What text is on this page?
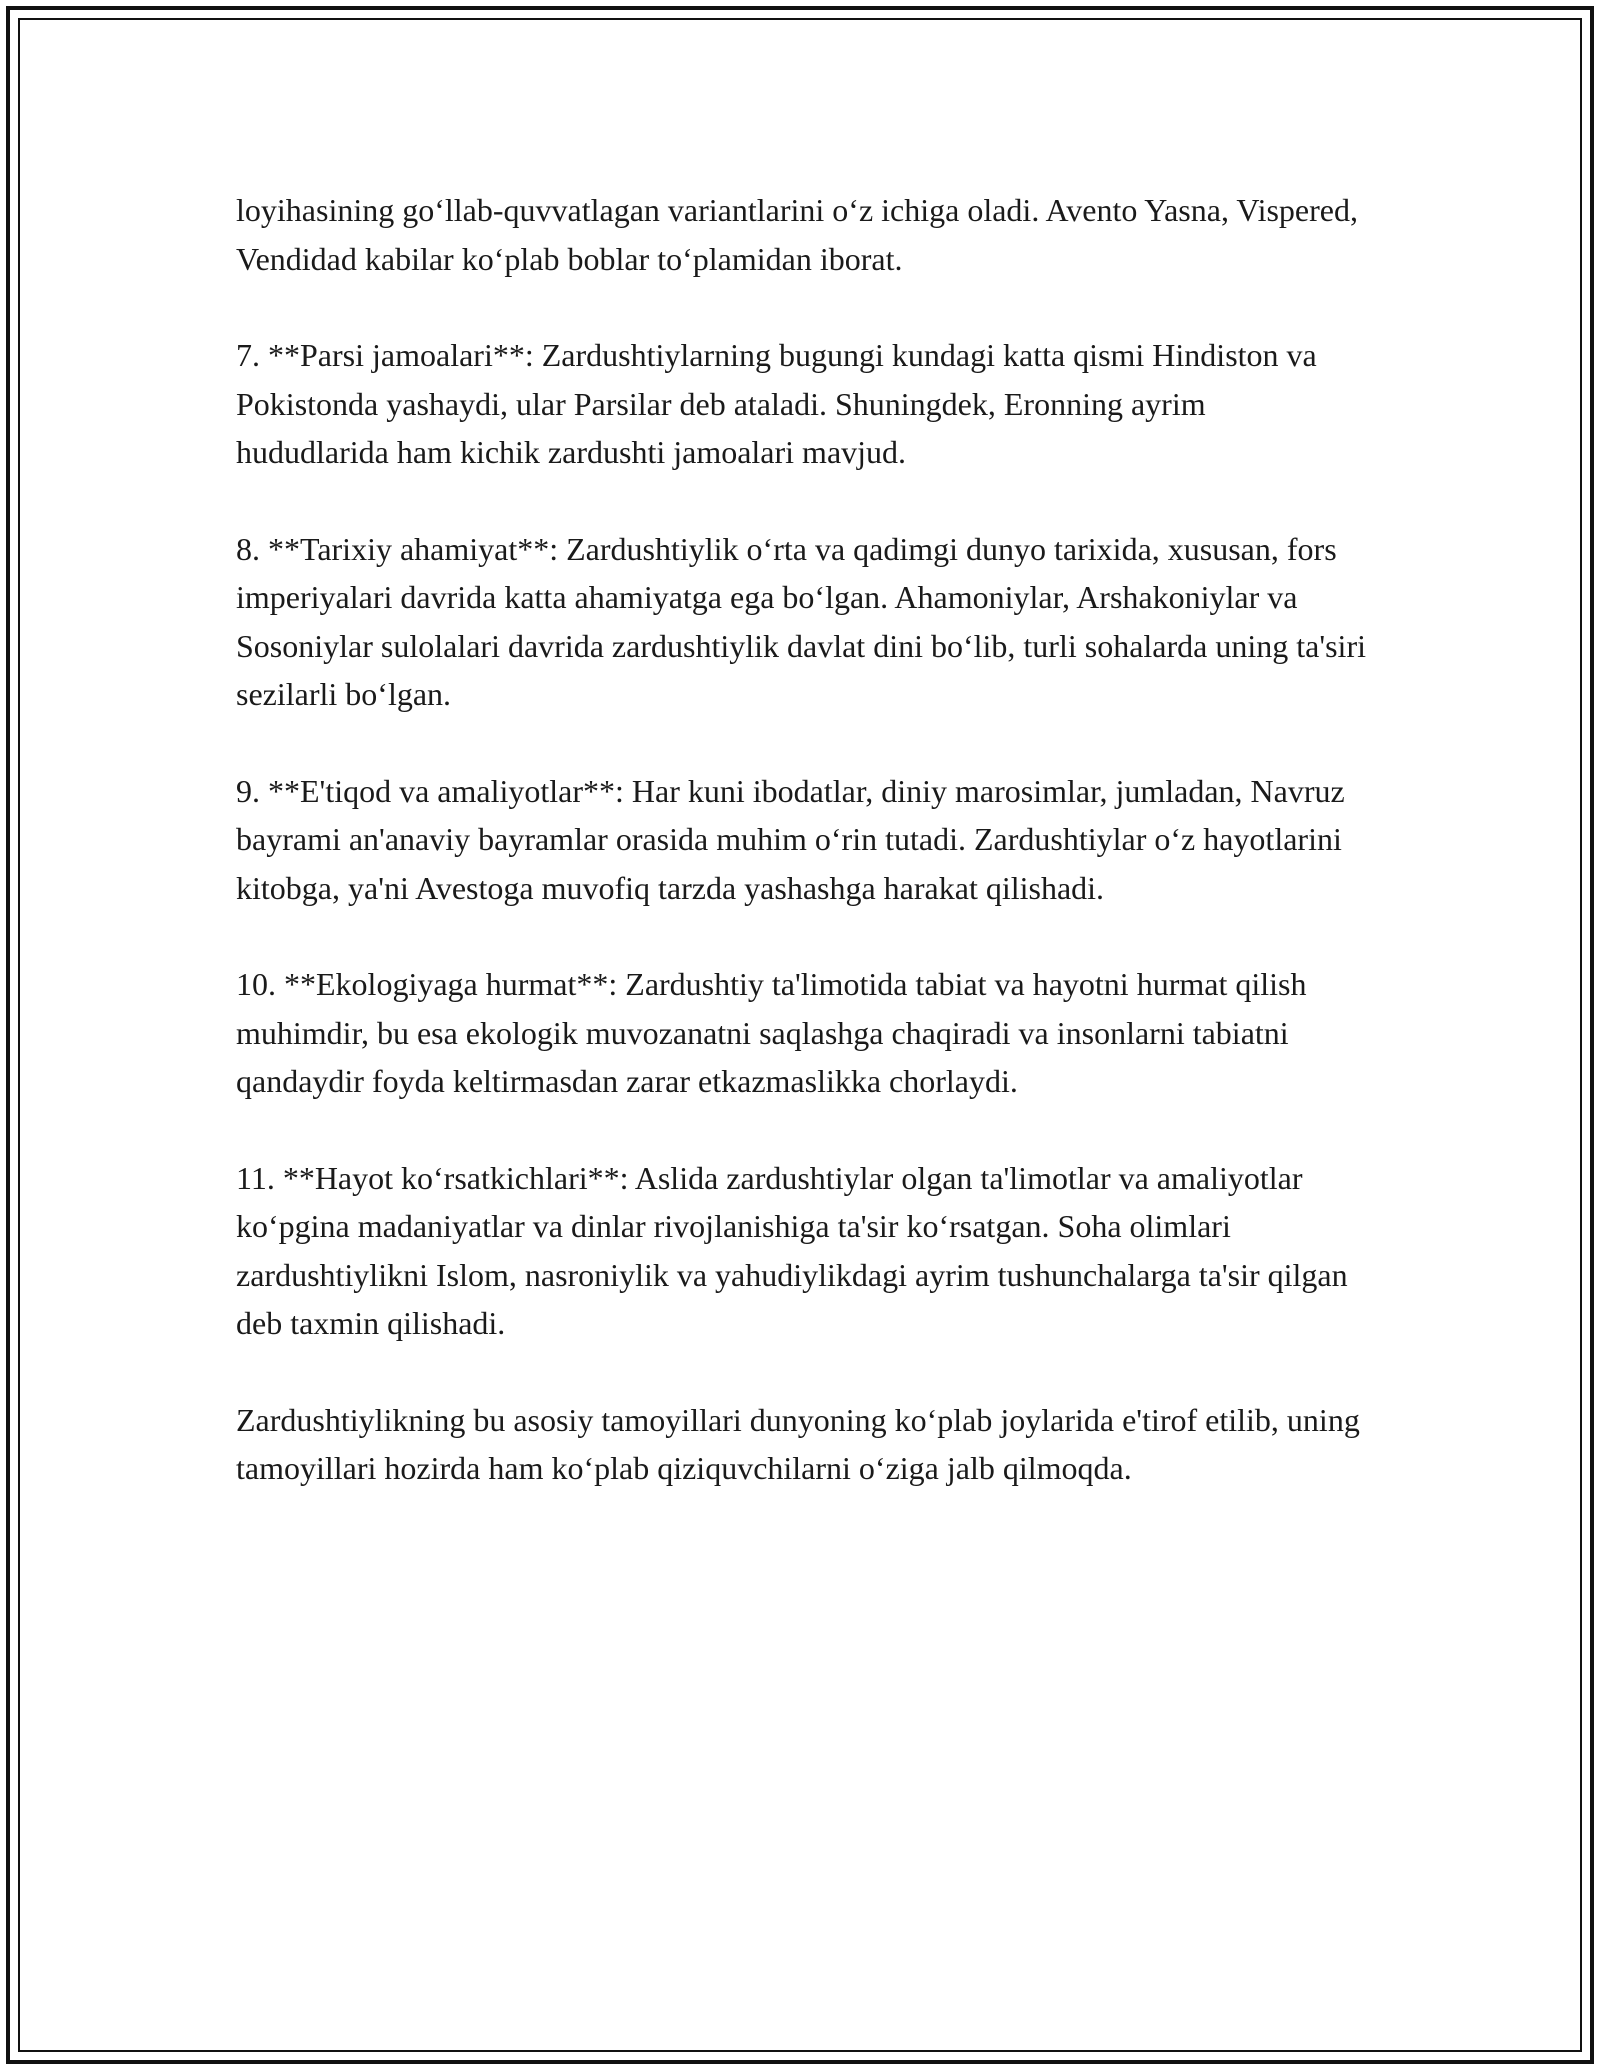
loyihasining go‘llab-quvvatlagan variantlarini o‘z ichiga oladi. Avento Yasna, Vispered, Vendidad kabilar ko‘plab boblar to‘plamidan iborat.

7. **Parsi jamoalari**: Zardushtiylarning bugungi kundagi katta qismi Hindiston va Pokistonda yashaydi, ular Parsilar deb ataladi. Shuningdek, Eronning ayrim hududlarida ham kichik zardushti jamoalari mavjud.

8. **Tarixiy ahamiyat**: Zardushtiylik o‘rta va qadimgi dunyo tarixida, xususan, fors imperiyalari davrida katta ahamiyatga ega bo‘lgan. Ahamoniylar, Arshakoniylar va Sosoniylar sulolalari davrida zardushtiylik davlat dini bo‘lib, turli sohalarda uning ta'siri sezilarli bo‘lgan.

9. **E'tiqod va amaliyotlar**: Har kuni ibodatlar, diniy marosimlar, jumladan, Navruz bayrami an'anaviy bayramlar orasida muhim o‘rin tutadi. Zardushtiylar o‘z hayotlarini kitobga, ya'ni Avestoga muvofiq tarzda yashashga harakat qilishadi.

10. **Ekologiyaga hurmat**: Zardushtiy ta'limotida tabiat va hayotni hurmat qilish muhimdir, bu esa ekologik muvozanatni saqlashga chaqiradi va insonlarni tabiatni qandaydir foyda keltirmasdan zarar etkazmaslikka chorlaydi.

11. **Hayot ko‘rsatkichlari**: Aslida zardushtiylar olgan ta'limotlar va amaliyotlar ko‘pgina madaniyatlar va dinlar rivojlanishiga ta'sir ko‘rsatgan. Soha olimlari zardushtiylikni Islom, nasroniylik va yahudiylikdagi ayrim tushunchalarga ta'sir qilgan deb taxmin qilishadi.

Zardushtiylikning bu asosiy tamoyillari dunyoning ko‘plab joylarida e'tirof etilib, uning tamoyillari hozirda ham ko‘plab qiziquvchilarni o‘ziga jalb qilmoqda.
